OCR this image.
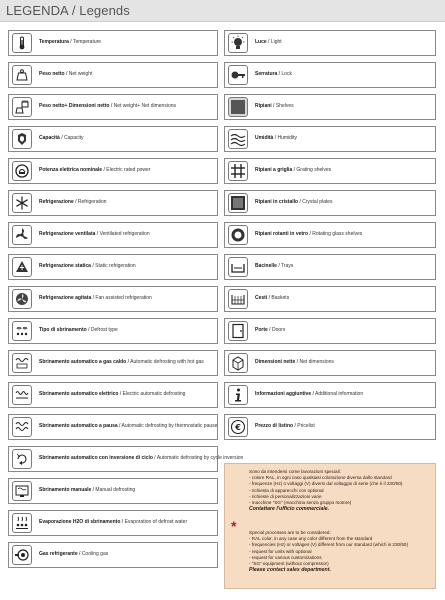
LEGENDA / Legends
Temperatura / Temperature
Peso netto / Net weight
Peso netto+ Dimensioni netto / Net weight+ Net dimensions
Capacità / Capacity
Potenza elettrica nominale / Electric rated power
Refrigerazione / Refrigeration
Refrigerazione ventilata / Ventilated refrigeration
Refrigerazione statica / Static refrigeration
Refrigerazione agitata / Fan assisted refrigeration
Tipo di sbrinamento / Defrost type
Sbrinamento automatico a gas caldo / Automatic defrosting with hot gas
Sbrinamento automatico elettrico / Electric automatic defrosting
Sbrinamento automatico a pausa / Automatic defrosting by thermostatic pause
Sbrinamento automatico con inversione di ciclo / Automatic defrosting by cycle inversion
Sbrinamento manuale / Manual defrosting
Evaporazione H2O di sbrinamento / Evaporation of defrost water
Gas refrigerante / Cooling gas
Luce / Light
Serratura / Lock
Ripiani / Shelves
Umidità / Humidity
Ripiani a griglia / Grating shelves
Ripiani in cristallo / Crystal plates
Ripiani rotanti in vetro / Rotating glass shelves
Bacinelle / Trays
Cesti / Baskets
Porte / Doors
Dimensioni nette / Net dimensions
Informazioni aggiuntive / Additional information
€	Prezzo di listino / Pricelist
*
Sono da intendersi come lavorazioni speciali:
- colore RAL, in ogni caso qualsiasi colorazione diversa dallo standard
- frequenze (Hz) o voltaggi (V) diversi dal voltaggio di serie (che è il 230/50)
- richiesta di apparecchi con optional
- richieste di personalizzazioni varie
- macchine "SG" (macchina senza gruppo motore)
Contattare l'ufficio commerciale.
Special processes are to be considered:
- RAL color, in any case any color different from the standard
- frequencies (Hz) or voltages (V) different from our standard (which is 230/50)
- request for units with optional
- request for various customizations
- "SG" equipment (without compressor)
Please contact sales department.
